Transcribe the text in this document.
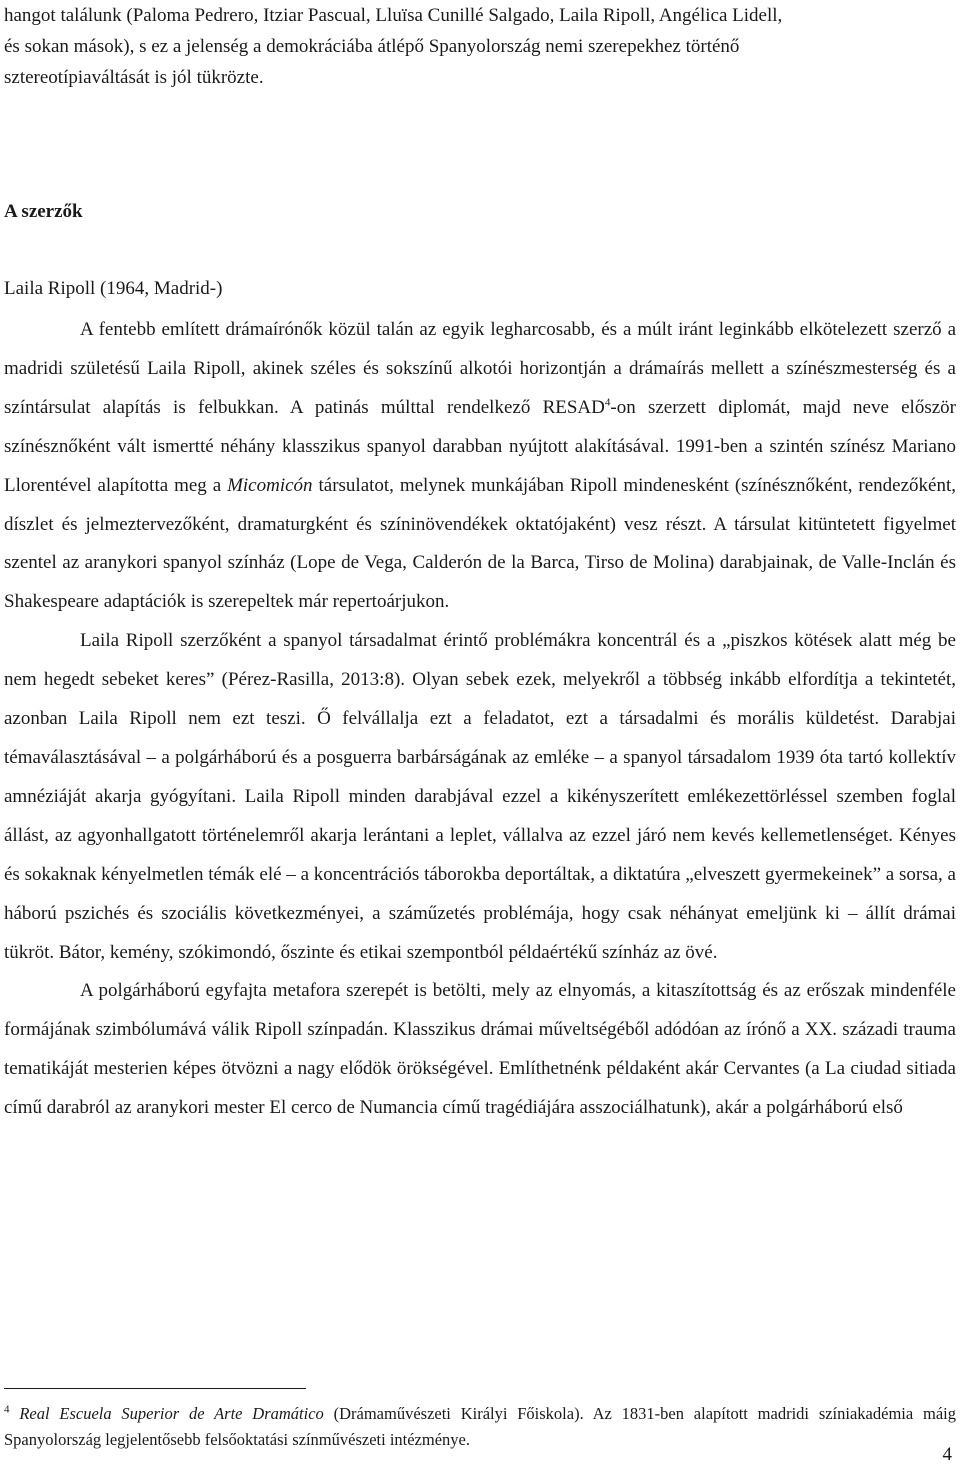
hangot találunk (Paloma Pedrero, Itziar Pascual, Lluïsa Cunillé Salgado, Laila Ripoll, Angélica Lidell,
és sokan mások), s ez a jelenség a demokráciába átlépő Spanyolország nemi szerepekhez történő
sztereotípiaváltását is jól tükrözte.

A szerzők
Laila Ripoll (1964, Madrid-)

A fentebb említett drámaírónők közül talán az egyik legharcosabb, és a múlt iránt leginkább elkötelezett szerző a madridi születésű Laila Ripoll, akinek széles és sokszínű alkotói horizontján a drámaírás mellett a színészmesterség és a színtársulat alapítás is felbukkan. A patinás múlttal rendelkező RESAD$^4$-on szerzett diplomát, majd neve először színésznőként vált ismertté néhány klasszikus spanyol darabban nyújtott alakításával. 1991-ben a szintén színész Mariano Llorentével alapította meg a Micomicón társulatot, melynek munkájában Ripoll mindenesként (színésznőként, rendezőként, díszlet és jelmeztervezőként, dramaturgként és színinövendékek oktatójaként) vesz részt. A társulat kitüntetett figyelmet szentel az aranykori spanyol színház (Lope de Vega, Calderón de la Barca, Tirso de Molina) darabjainak, de Valle-Inclán és Shakespeare adaptációk is szerepeltek már repertoárjukon.

Laila Ripoll szerzőként a spanyol társadalmat érintő problémákra koncentrál és a „piszkos kötések alatt még be nem hegedt sebeket keres” (Pérez-Rasilla, 2013:8). Olyan sebek ezek, melyekről a többség inkább elfordítja a tekintetét, azonban Laila Ripoll nem ezt teszi. Ő felvállalja ezt a feladatot, ezt a társadalmi és morális küldetést. Darabjai témaválasztásával – a polgárháború és a posguerra barbárságának az emléke – a spanyol társadalom 1939 óta tartó kollektív amnéziáját akarja gyógyítani. Laila Ripoll minden darabjával ezzel a kikényszerített emlékezettörléssel szemben foglal állást, az agyonhallgatott történelemről akarja lerántani a leplet, vállalva az ezzel járó nem kevés kellemetlenséget. Kényes és sokaknak kényelmetlen témák elé – a koncentrációs táborokba deportáltak, a diktatúra „elveszett gyermekeinek” a sorsa, a háború pszichés és szociális következményei, a száműzetés problémája, hogy csak néhányat emeljünk ki – állít drámai tükröt. Bátor, kemény, szókimondó, őszinte és etikai szempontból példaértékű színház az övé.

A polgárháború egyfajta metafora szerepét is betölti, mely az elnyomás, a kitaszítottság és az erőszak mindenféle formájának szimbólumává válik Ripoll színpadán. Klasszikus drámai műveltségéből adódóan az írónő a XX. századi trauma tematikáját mesterien képes ötvözni a nagy elődök örökségével. Említhetnénk példaként akár Cervantes (a La ciudad sitiada című darabról az aranykori mester El cerco de Numancia című tragédiájára asszociálhatunk), akár a polgárháború első

$^4$ Real Escuela Superior de Arte Dramático (Drámaművészeti Királyi Főiskola). Az 1831-ben alapított madridi színiakadémia máig Spanyolország legjelentősebb felsőoktatási színművészeti intézménye.

4
